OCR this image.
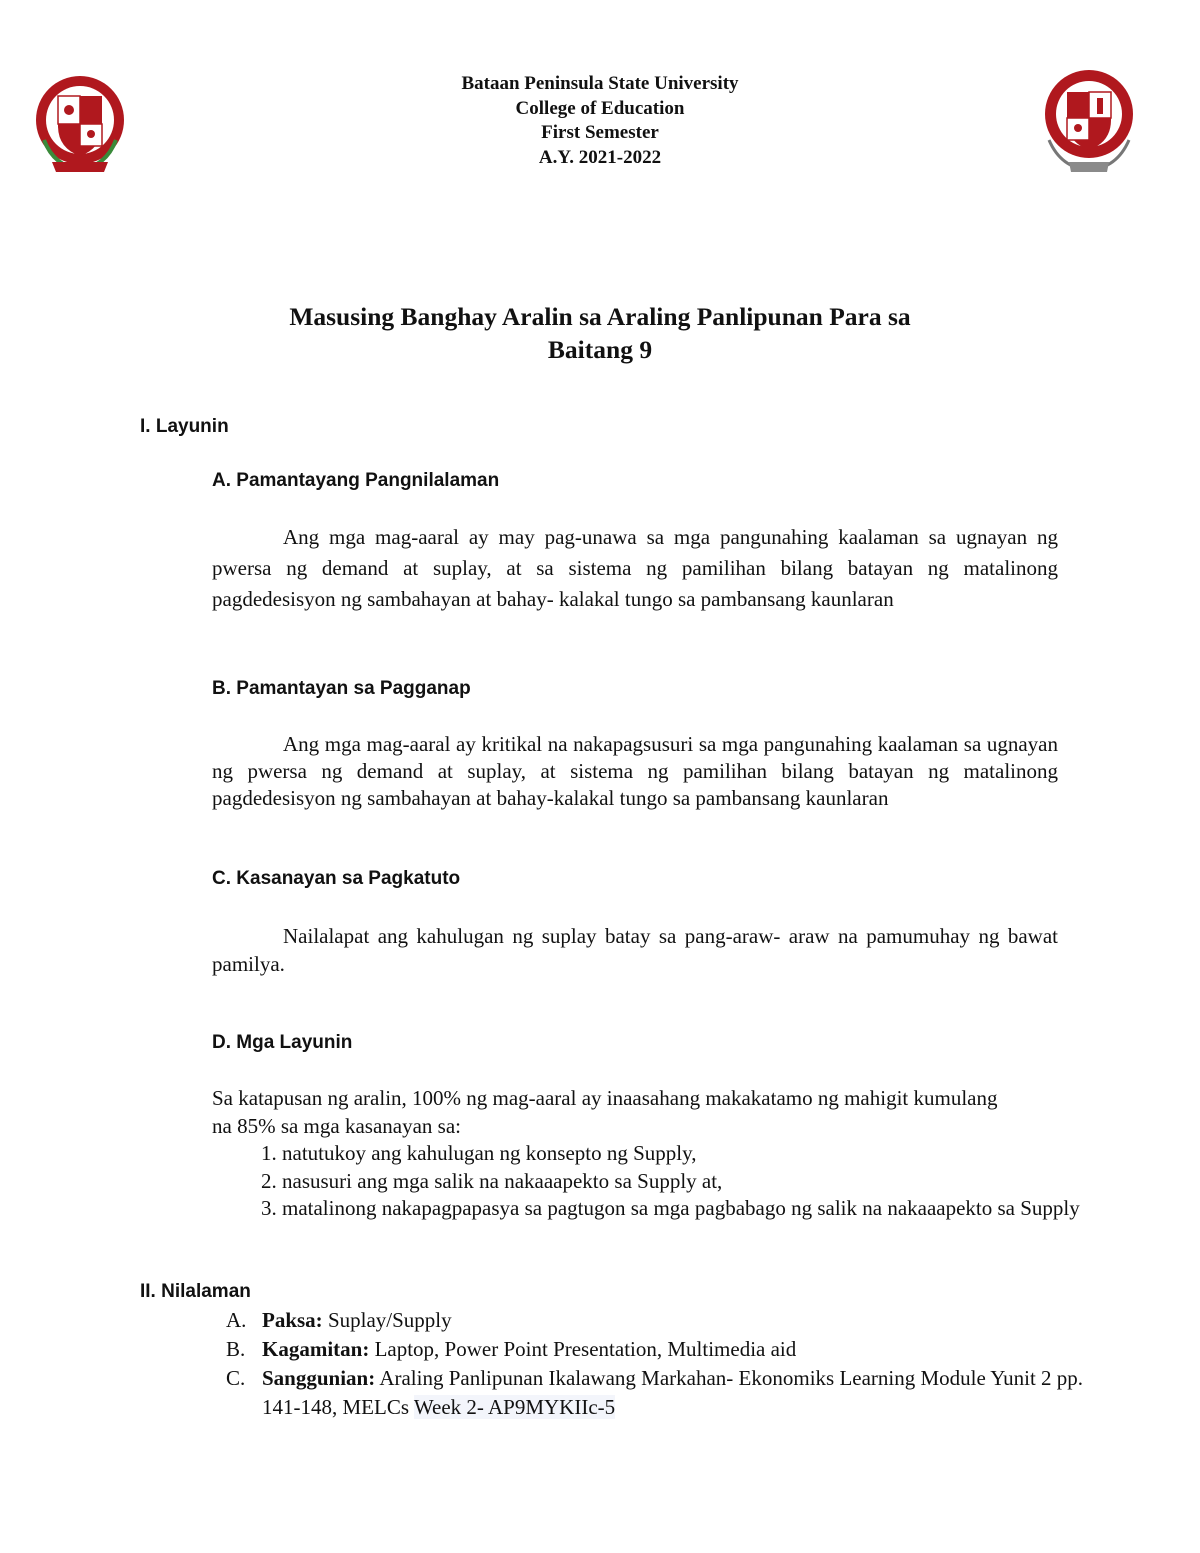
Bataan Peninsula State University
College of Education
First Semester
A.Y. 2021-2022
Masusing Banghay Aralin sa Araling Panlipunan Para sa
Baitang 9
I. Layunin
A. Pamantayang Pangnilalaman
Ang mga mag-aaral ay may pag-unawa sa mga pangunahing kaalaman sa ugnayan ng pwersa ng demand at suplay, at sa sistema ng pamilihan bilang batayan ng matalinong pagdedesisyon ng sambahayan at bahay- kalakal tungo sa pambansang kaunlaran
B. Pamantayan sa Pagganap
Ang mga mag-aaral ay kritikal na nakapagsusuri sa mga pangunahing kaalaman sa ugnayan ng pwersa ng demand at suplay, at sistema ng pamilihan bilang batayan ng matalinong pagdedesisyon ng sambahayan at bahay-kalakal tungo sa pambansang kaunlaran
C. Kasanayan sa Pagkatuto
Nailalapat ang kahulugan ng suplay batay sa pang-araw- araw na pamumuhay ng bawat pamilya.
D. Mga Layunin
Sa katapusan ng aralin, 100% ng mag-aaral ay inaasahang makakatamo ng mahigit kumulang na 85% sa mga kasanayan sa:
1. natutukoy ang kahulugan ng konsepto ng Supply,
2. nasusuri ang mga salik na nakaaapekto sa Supply at,
3. matalinong nakapagpapasya sa pagtugon sa mga pagbabago ng salik na nakaaapekto sa Supply
II. Nilalaman
A. Paksa: Suplay/Supply
B. Kagamitan: Laptop, Power Point Presentation, Multimedia aid
C. Sanggunian: Araling Panlipunan Ikalawang Markahan- Ekonomiks Learning Module Yunit 2 pp. 141-148, MELCs Week 2- AP9MYKIIc-5
